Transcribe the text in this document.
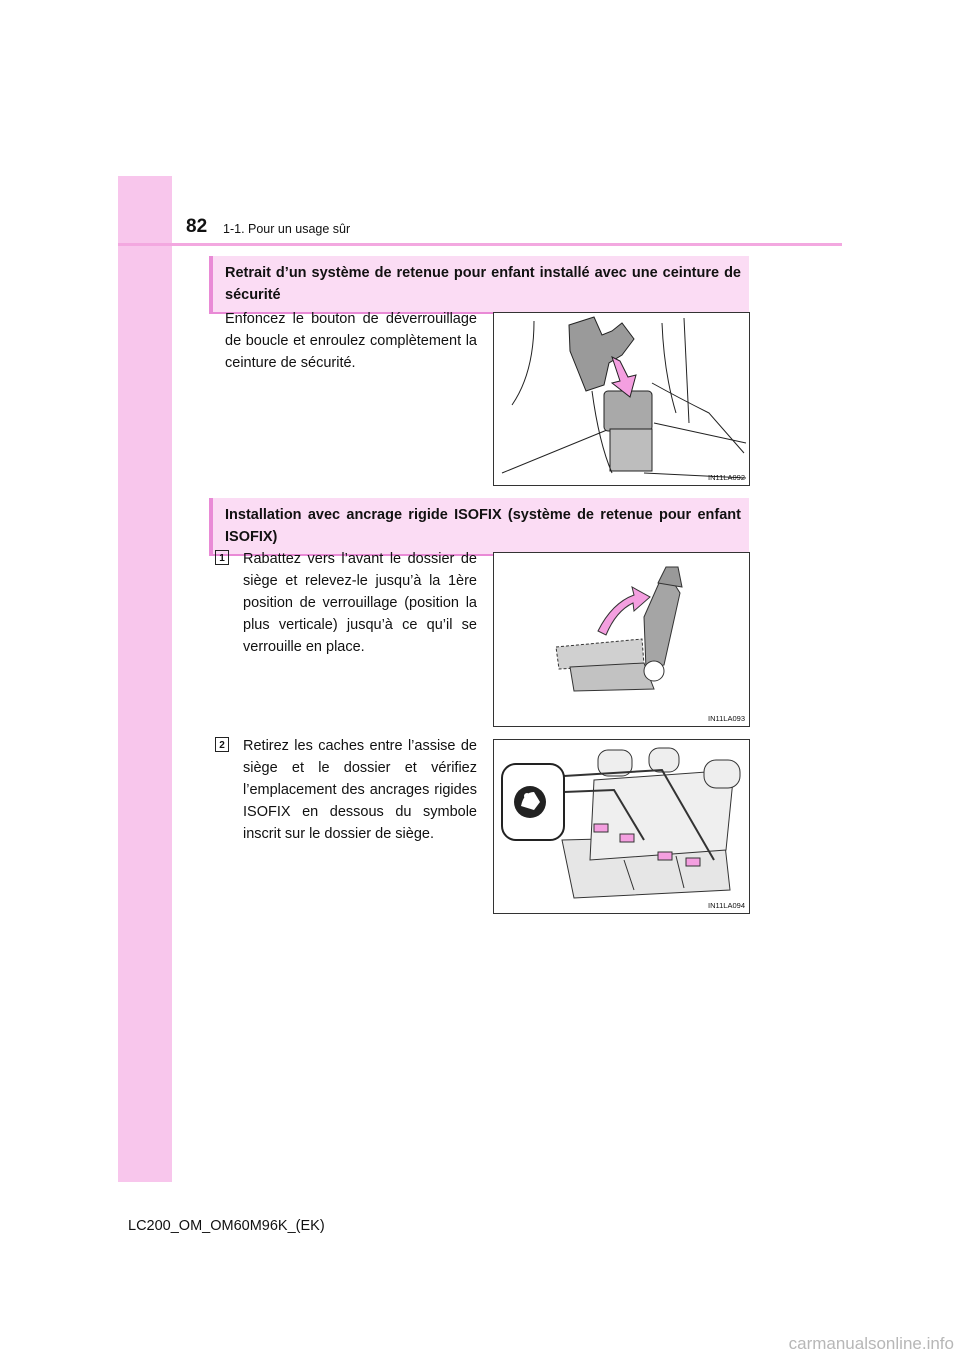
82 1-1. Pour un usage sûr
Retrait d’un système de retenue pour enfant installé avec une ceinture de sécurité
Enfoncez le bouton de déverrouillage de boucle et enroulez complètement la ceinture de sécurité.
IN11LA092
Installation avec ancrage rigide ISOFIX (système de retenue pour enfant ISOFIX)
1 Rabattez vers l’avant le dossier de siège et relevez-le jusqu’à la 1ère position de verrouillage (position la plus verticale) jusqu’à ce qu’il se verrouille en place.
IN11LA093
2 Retirez les caches entre l’assise de siège et le dossier et vérifiez l’emplacement des ancrages rigides ISOFIX en dessous du symbole inscrit sur le dossier de siège.
IN11LA094
LC200_OM_OM60M96K_(EK)
carmanualsonline.info
